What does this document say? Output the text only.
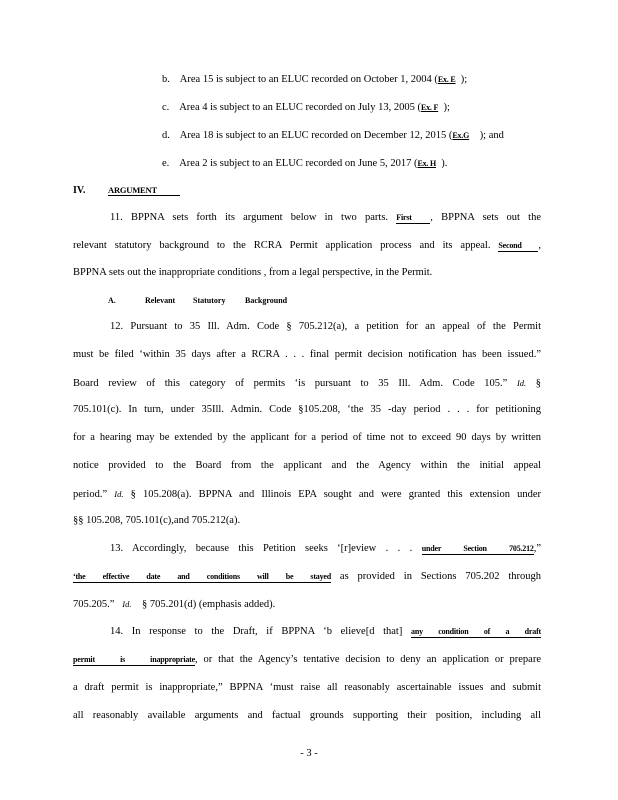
b. Area 15 is subject to an ELUC recorded on October 1, 2004 (Ex. E );
c. Area 4 is subject to an ELUC recorded on July 13, 2005 (Ex. F );
d. Area 18 is subject to an ELUC recorded on December 12, 2015 (Ex.G ); and
e. Area 2 is subject to an ELUC recorded on June 5, 2017 (Ex. H ).
IV.	ARGUMENT
11. BPPNA sets forth its argument below in two parts. First , BPPNA sets out the
relevant statutory background to the RCRA Permit application process and its appeal. Second ,
BPPNA sets out the inappropriate conditions , from a legal perspective, in the Permit.
A.	Relevant Statutory Background
12. Pursuant to 35 Ill. Adm. Code § 705.212(a), a petition for an appeal of the Permit
must be filed ‘within 35 days after a RCRA . . . final permit decision notification has been issued.”
Board review of this category of permits ‘is pursuant to 35 Ill. Adm. Code 105.” Id. §
705.101(c). In turn, under 35Ill. Admin. Code §105.208, ‘the 35 -day period . . . for petitioning
for a hearing may be extended by the applicant for a period of time not to exceed 90 days by written
notice provided to the Board from the applicant and the Agency within the initial appeal
period.” Id. § 105.208(a). BPPNA and Illinois EPA sought and were granted this extension under
§§ 105.208, 705.101(c),and 705.212(a).
13. Accordingly, because this Petition seeks ‘[r]eview . . . under Section 705.212,”
‘the effective date and conditions will be stayed as provided in Sections 705.202 through
705.205.” Id. § 705.201(d) (emphasis added).
14. In response to the Draft, if BPPNA ‘b elieve[d that] any condition of a draft
permit is inappropriate, or that the Agency’s tentative decision to deny an application or prepare
a draft permit is inappropriate,” BPPNA ‘must raise all reasonably ascertainable issues and submit
all reasonably available arguments and factual grounds supporting their position, including all
- 3 -
